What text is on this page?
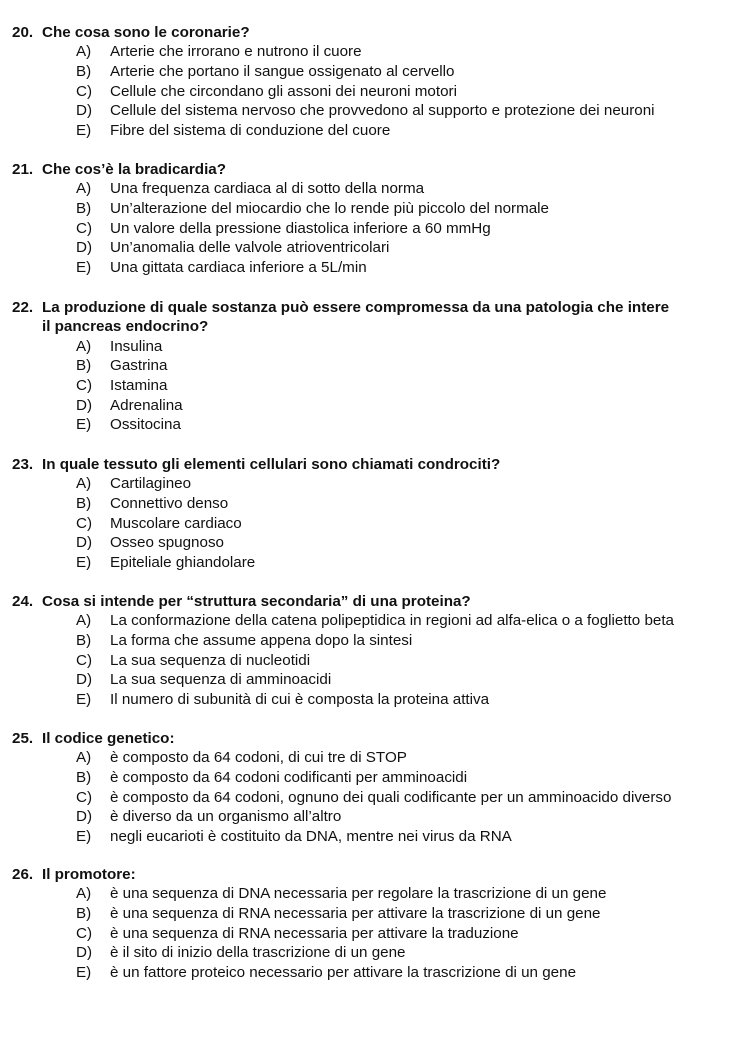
20. Che cosa sono le coronarie?
A) Arterie che irrorano e nutrono il cuore
B) Arterie che portano il sangue ossigenato al cervello
C) Cellule che circondano gli assoni dei neuroni motori
D) Cellule del sistema nervoso che provvedono al supporto e protezione dei neuroni
E) Fibre del sistema di conduzione del cuore
21. Che cos’è la bradicardia?
A) Una frequenza cardiaca al di sotto della norma
B) Un’alterazione del miocardio che lo rende più piccolo del normale
C) Un valore della pressione diastolica inferiore a 60 mmHg
D) Un’anomalia delle valvole atrioventricolari
E) Una gittata cardiaca inferiore a 5L/min
22. La produzione di quale sostanza può essere compromessa da una patologia che intere
il pancreas endocrino?
A) Insulina
B) Gastrina
C) Istamina
D) Adrenalina
E) Ossitocina
23. In quale tessuto gli elementi cellulari sono chiamati condrociti?
A) Cartilagineo
B) Connettivo denso
C) Muscolare cardiaco
D) Osseo spugnoso
E) Epiteliale ghiandolare
24. Cosa si intende per “struttura secondaria” di una proteina?
A) La conformazione della catena polipeptidica in regioni ad alfa-elica o a foglietto beta
B) La forma che assume appena dopo la sintesi
C) La sua sequenza di nucleotidi
D) La sua sequenza di amminoacidi
E) Il numero di subunità di cui è composta la proteina attiva
25. Il codice genetico:
A) è composto da 64 codoni, di cui tre di STOP
B) è composto da 64 codoni codificanti per amminoacidi
C) è composto da 64 codoni, ognuno dei quali codificante per un amminoacido diverso
D) è diverso da un organismo all’altro
E) negli eucarioti è costituito da DNA, mentre nei virus da RNA
26. Il promotore:
A) è una sequenza di DNA necessaria per regolare la trascrizione di un gene
B) è una sequenza di RNA necessaria per attivare la trascrizione di un gene
C) è una sequenza di RNA necessaria per attivare la traduzione
D) è il sito di inizio della trascrizione di un gene
E) è un fattore proteico necessario per attivare la trascrizione di un gene
